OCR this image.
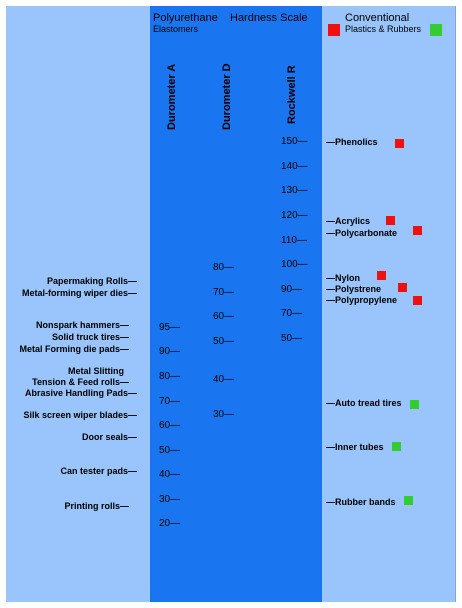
Polyurethane
Elastomers
Hardness Scale	Conventional
Plastics & Rubbers
Durometer A	Durometer D	Rockwell R
95—
90—
80—
70—
60—
50—
40—
30—
20—
80—
70—
60—
50—
40—
30—
150—
140—
130—
120—
110—
100—
90—
70—
50—
Papermaking Rolls—
Metal-forming wiper dies—
Nonspark hammers—
Solid truck tires—
Metal Forming die pads—
Metal Slitting
Tension & Feed rolls—
Abrasive Handling Pads—
Silk screen wiper blades—
Door seals—
Can tester pads—
Printing rolls—
—Phenolics
—Acrylics
—Polycarbonate
—Nylon
—Polystrene
—Polypropylene
—Auto tread tires
—Inner tubes
—Rubber bands
